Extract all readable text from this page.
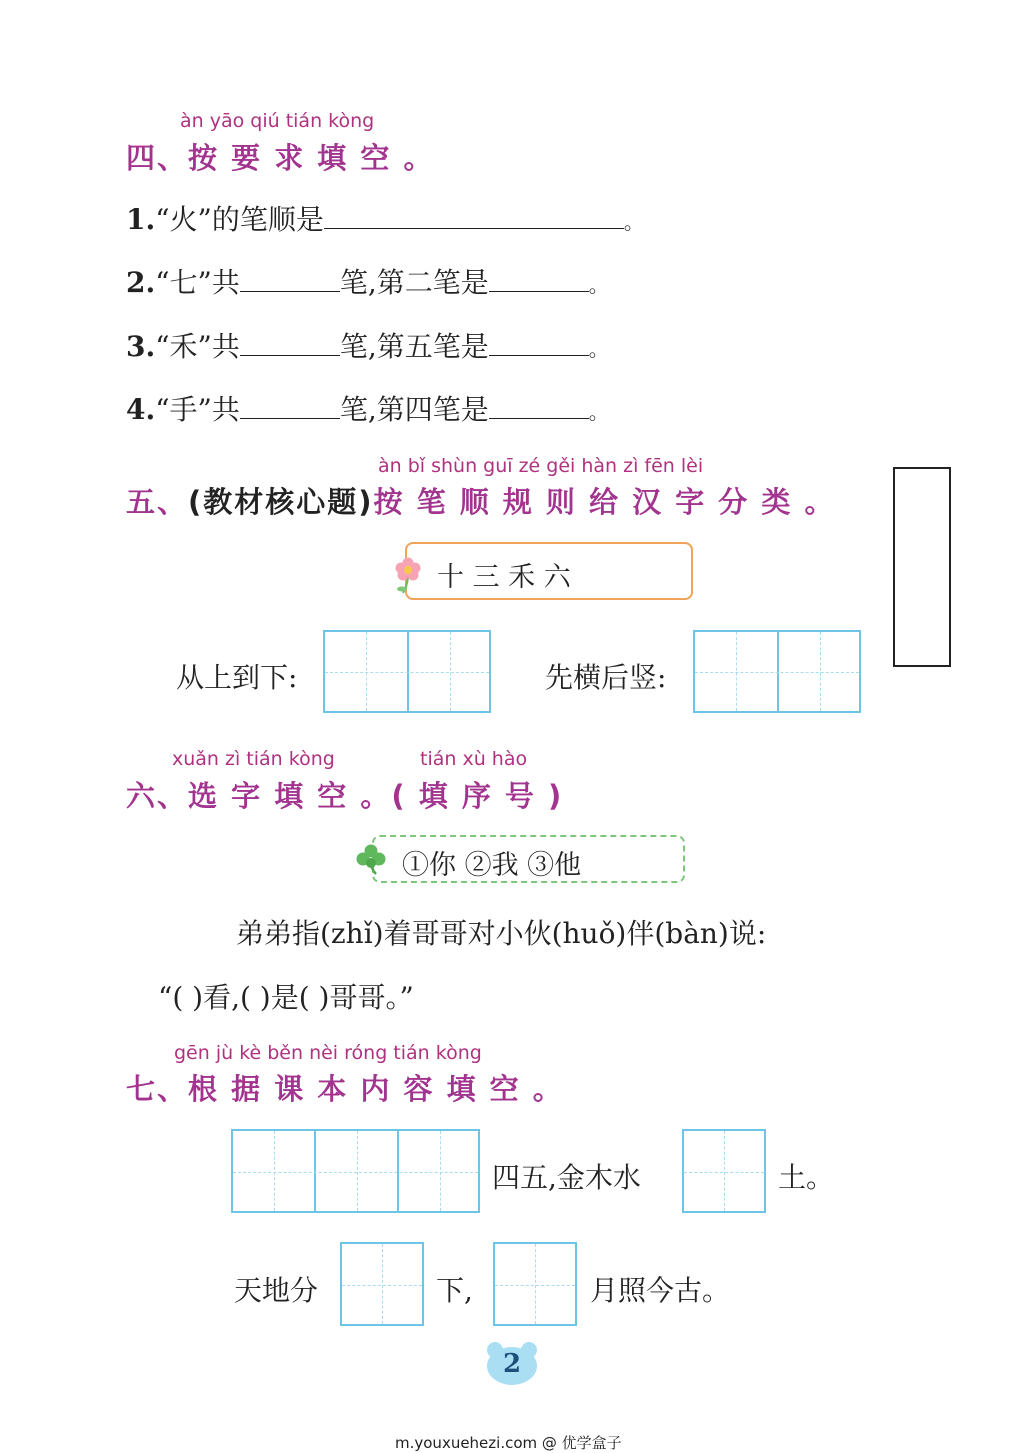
àn yāo qiú tián kòng
四、按 要 求 填 空 。
1.“火”的笔顺是	。
2.“七”共	笔,第二笔是	。
3.“禾”共	笔,第五笔是	。
4.“手”共	笔,第四笔是	。
àn bǐ shùn guī zé gěi hàn zì fēn lèi
五、(教材核心题)按 笔 顺 规 则 给 汉 字 分 类 。
十 三 禾 六
从上到下:	先横后竖:
xuǎn zì tián kòng	tián xù hào
六、选 字 填 空 。( 填 序 号 )
①你 ②我 ③他
弟弟指(zhǐ)着哥哥对小伙(huǒ)伴(bàn)说:
“( )看,( )是( )哥哥。”
gēn jù kè běn nèi róng tián kòng
七、根 据 课 本 内 容 填 空 。
四五,金木水	土。
天地分	下,	月照今古。
2
m.youxuehezi.com @ 优学盒子
